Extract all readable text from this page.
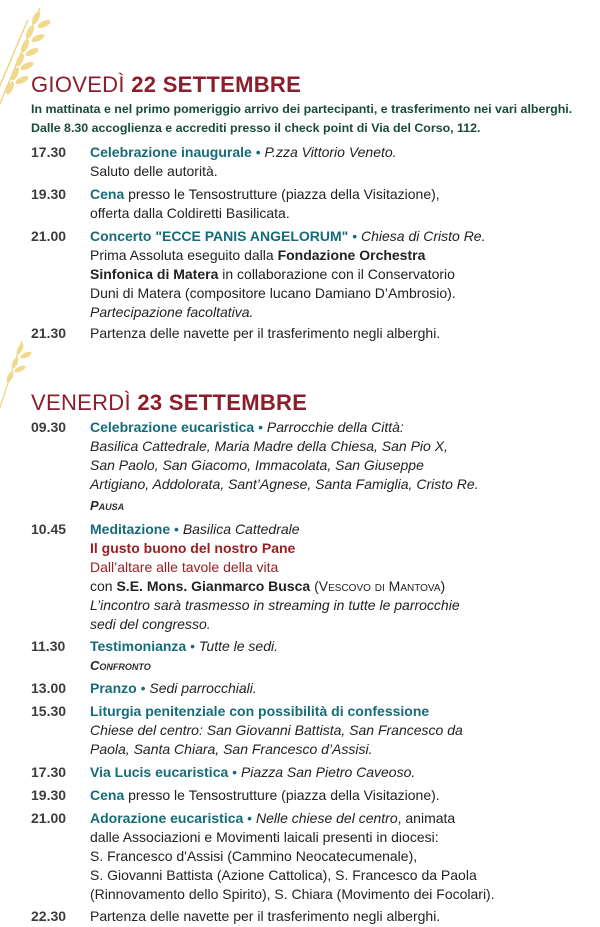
GIOVEDÌ 22 SETTEMBRE
In mattinata e nel primo pomeriggio arrivo dei partecipanti, e trasferimento nei vari alberghi. Dalle 8.30 accoglienza e accrediti presso il check point di Via del Corso, 112.
17.30 Celebrazione inaugurale • P.zza Vittorio Veneto.
Saluto delle autorità.
19.30 Cena presso le Tensostrutture (piazza della Visitazione),
offerta dalla Coldiretti Basilicata.
21.00 Concerto "ECCE PANIS ANGELORUM" • Chiesa di Cristo Re.
Prima Assoluta eseguito dalla Fondazione Orchestra
Sinfonica di Matera in collaborazione con il Conservatorio
Duni di Matera (compositore lucano Damiano D’Ambrosio).
Partecipazione facoltativa.
21.30 Partenza delle navette per il trasferimento negli alberghi.
VENERDÌ 23 SETTEMBRE
09.30 Celebrazione eucaristica • Parrocchie della Città:
Basilica Cattedrale, Maria Madre della Chiesa, San Pio X,
San Paolo, San Giacomo, Immacolata, San Giuseppe
Artigiano, Addolorata, Sant’Agnese, Santa Famiglia, Cristo Re.
Pausa
10.45 Meditazione • Basilica Cattedrale
Il gusto buono del nostro Pane
Dall’altare alle tavole della vita
con S.E. Mons. Gianmarco Busca (Vescovo di Mantova)
L’incontro sarà trasmesso in streaming in tutte le parrocchie
sedi del congresso.
11.30 Testimonianza • Tutte le sedi.
Confronto
13.00 Pranzo • Sedi parrocchiali.
15.30 Liturgia penitenziale con possibilità di confessione
Chiese del centro: San Giovanni Battista, San Francesco da
Paola, Santa Chiara, San Francesco d’Assisi.
17.30 Via Lucis eucaristica • Piazza San Pietro Caveoso.
19.30 Cena presso le Tensostrutture (piazza della Visitazione).
21.00 Adorazione eucaristica • Nelle chiese del centro, animata
dalle Associazioni e Movimenti laicali presenti in diocesi:
S. Francesco d'Assisi (Cammino Neocatecumenale),
S. Giovanni Battista (Azione Cattolica), S. Francesco da Paola
(Rinnovamento dello Spirito), S. Chiara (Movimento dei Focolari).
22.30 Partenza delle navette per il trasferimento negli alberghi.
